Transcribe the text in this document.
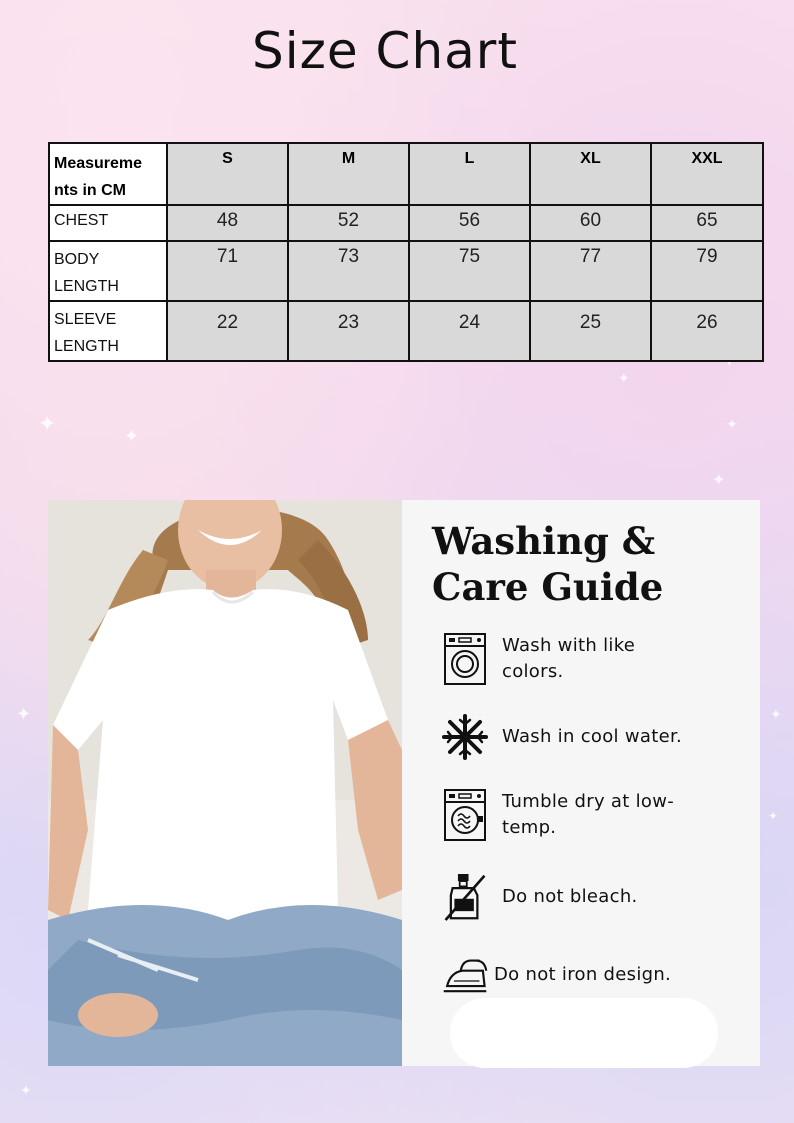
✦	✦
✦
✦
✦
✦	✦
✦
✦
Size Chart
Measureme
nts in CM	S	M	L	XL	XXL
CHEST	48	52	56	60	65
BODY
LENGTH	71	73	75	77	79
SLEEVE
LENGTH	22	23	24	25	26
Washing &
Care Guide
Wash with like colors.
Wash in cool water.
Tumble dry at low-temp.
Do not bleach.
Do not iron design.
